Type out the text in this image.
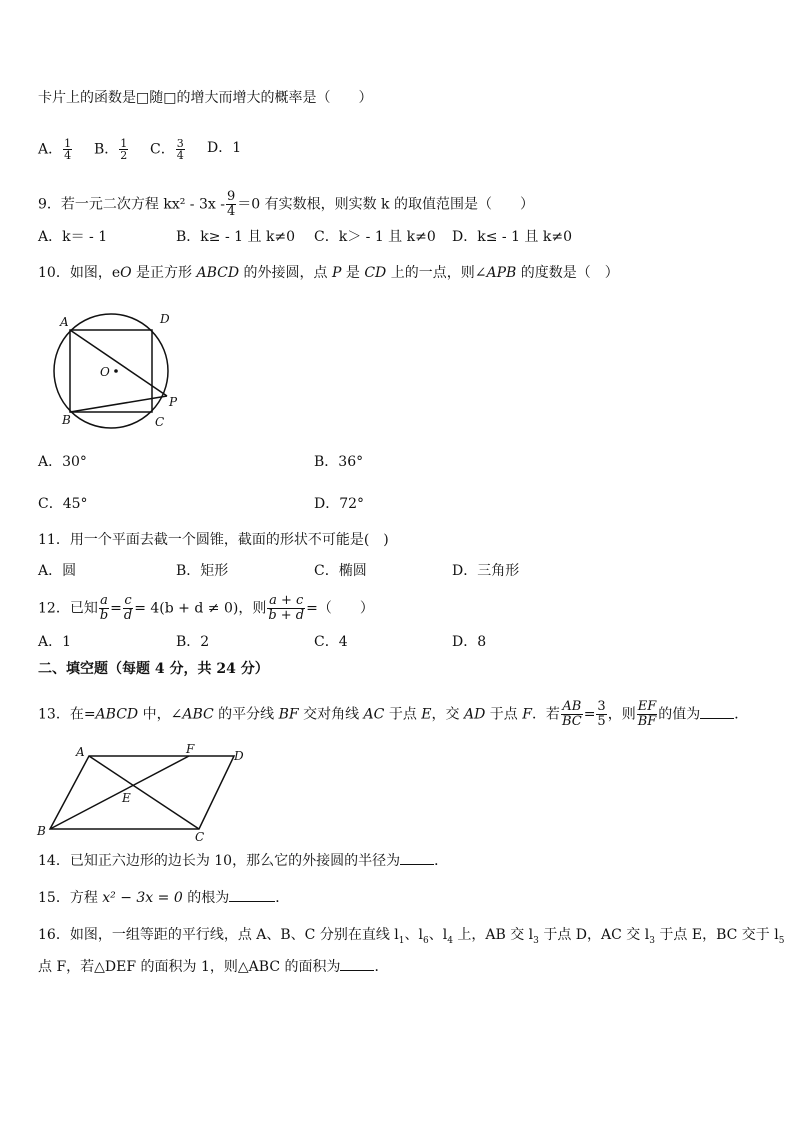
卡片上的函数是□随□的增大而增大的概率是（　　）
A． $\frac{1}{4}$ B． $\frac{1}{2}$ C． $\frac{3}{4}$ D．1
9．若一元二次方程 $kx^2 - 3x - \frac{9}{4} =0$ 有实数根，则实数 k 的取值范围是（　　）
A．k＝ - 1	B．k≥ - 1 且 k≠0 C．k＞ - 1 且 k≠0 D．k≤ - 1 且 k≠0
10．如图，eO 是正方形 ABCD 的外接圆，点 P 是 CD 上的一点，则∠APB 的度数是（　）
A	D
O
P
B	C
A．30°	B．36°
C．45°	D．72°
11．用一个平面去截一个圆锥，截面的形状不可能是(　)
A．圆	B．矩形	C．椭圆	D．三角形
12．已知 $\frac{a}{b} = \frac{c}{d} = 4(b + d \ne 0)$，则 $\frac{a + c}{b + d}$ =（　　）
A．1	B．2	C．4	D．8
二、填空题（每题 4 分，共 24 分）
13．在=ABCD 中，∠ABC 的平分线 BF 交对角线 AC 于点 E，交 AD 于点 F．若 $\frac{AB}{BC} = \frac{3}{5}$ ，则 $\frac{EF}{BF}$ 的值为 ．
A	F	D
E
B	C
14．已知正六边形的边长为 10，那么它的外接圆的半径为 ．
15．方程 x² − 3x = 0 的根为	．
16．如图，一组等距的平行线，点 A、B、C 分别在直线 $l_1$、$l_6$、$l_4$ 上，AB 交 $l_3$ 于点 D，AC 交 $l_3$ 于点 E，BC 交于 $l_5$
点 F，若△DEF 的面积为 1，则△ABC 的面积为 ．
